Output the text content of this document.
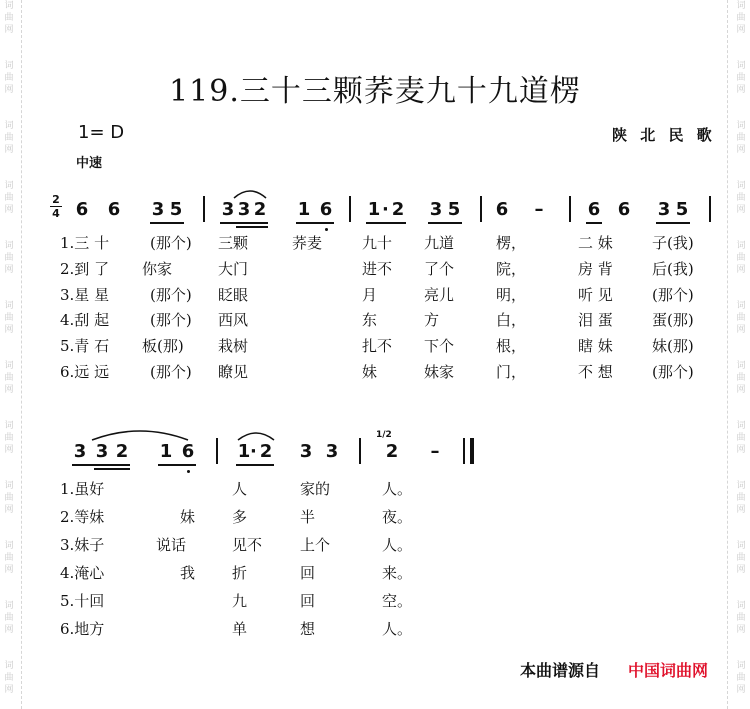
词
曲
网
词
曲
网
词
曲
网
词
曲
网
词
曲
网
词
曲
网
词
曲
网
词
曲
网
词
曲
网
词
曲
网
词
曲
网
词
曲
网
词
曲
网
词
曲
网
词
曲
网
词
曲
网
词
曲
网
词
曲
网
词
曲
网
词
曲
网
词
曲
网
词
曲
网
词
曲
网
词
曲
网
119.三十三颗荞麦九十九道楞
1= D
中速
陕 北 民 歌
2
4 6 6 3 5 3 3 2 1 6 1 · 2 3 5 6 – 6 6 3 5
1.三 十	(那个) 三颗	荞麦	九十 九道	楞，	二 妹	子(我)
2.到 了 你家	大门	进不 了个	院，	房 背	后(我)
3.星 星	(那个) 眨眼	月	亮儿	明，	听 见	(那个)
4.刮 起	(那个) 西风	东	方	白，	泪 蛋	蛋(那)
5.青 石 板(那) 栽树	扎不 下个	根，	瞎 妹	妹(那)
6.远 远	(那个) 瞭见	妹	妹家	门，	不 想	(那个)
3 3 2 1 6 1 · 2 3 3
1/2
2 –
1.虽好	人	家的	人。
2.等妹	妹 多	半	夜。
3.妹子	说话	见不	上个	人。
4.淹心	我 折	回	来。
5.十回	九	回	空。
6.地方	单	想	人。
本曲谱源自 中国词曲网
